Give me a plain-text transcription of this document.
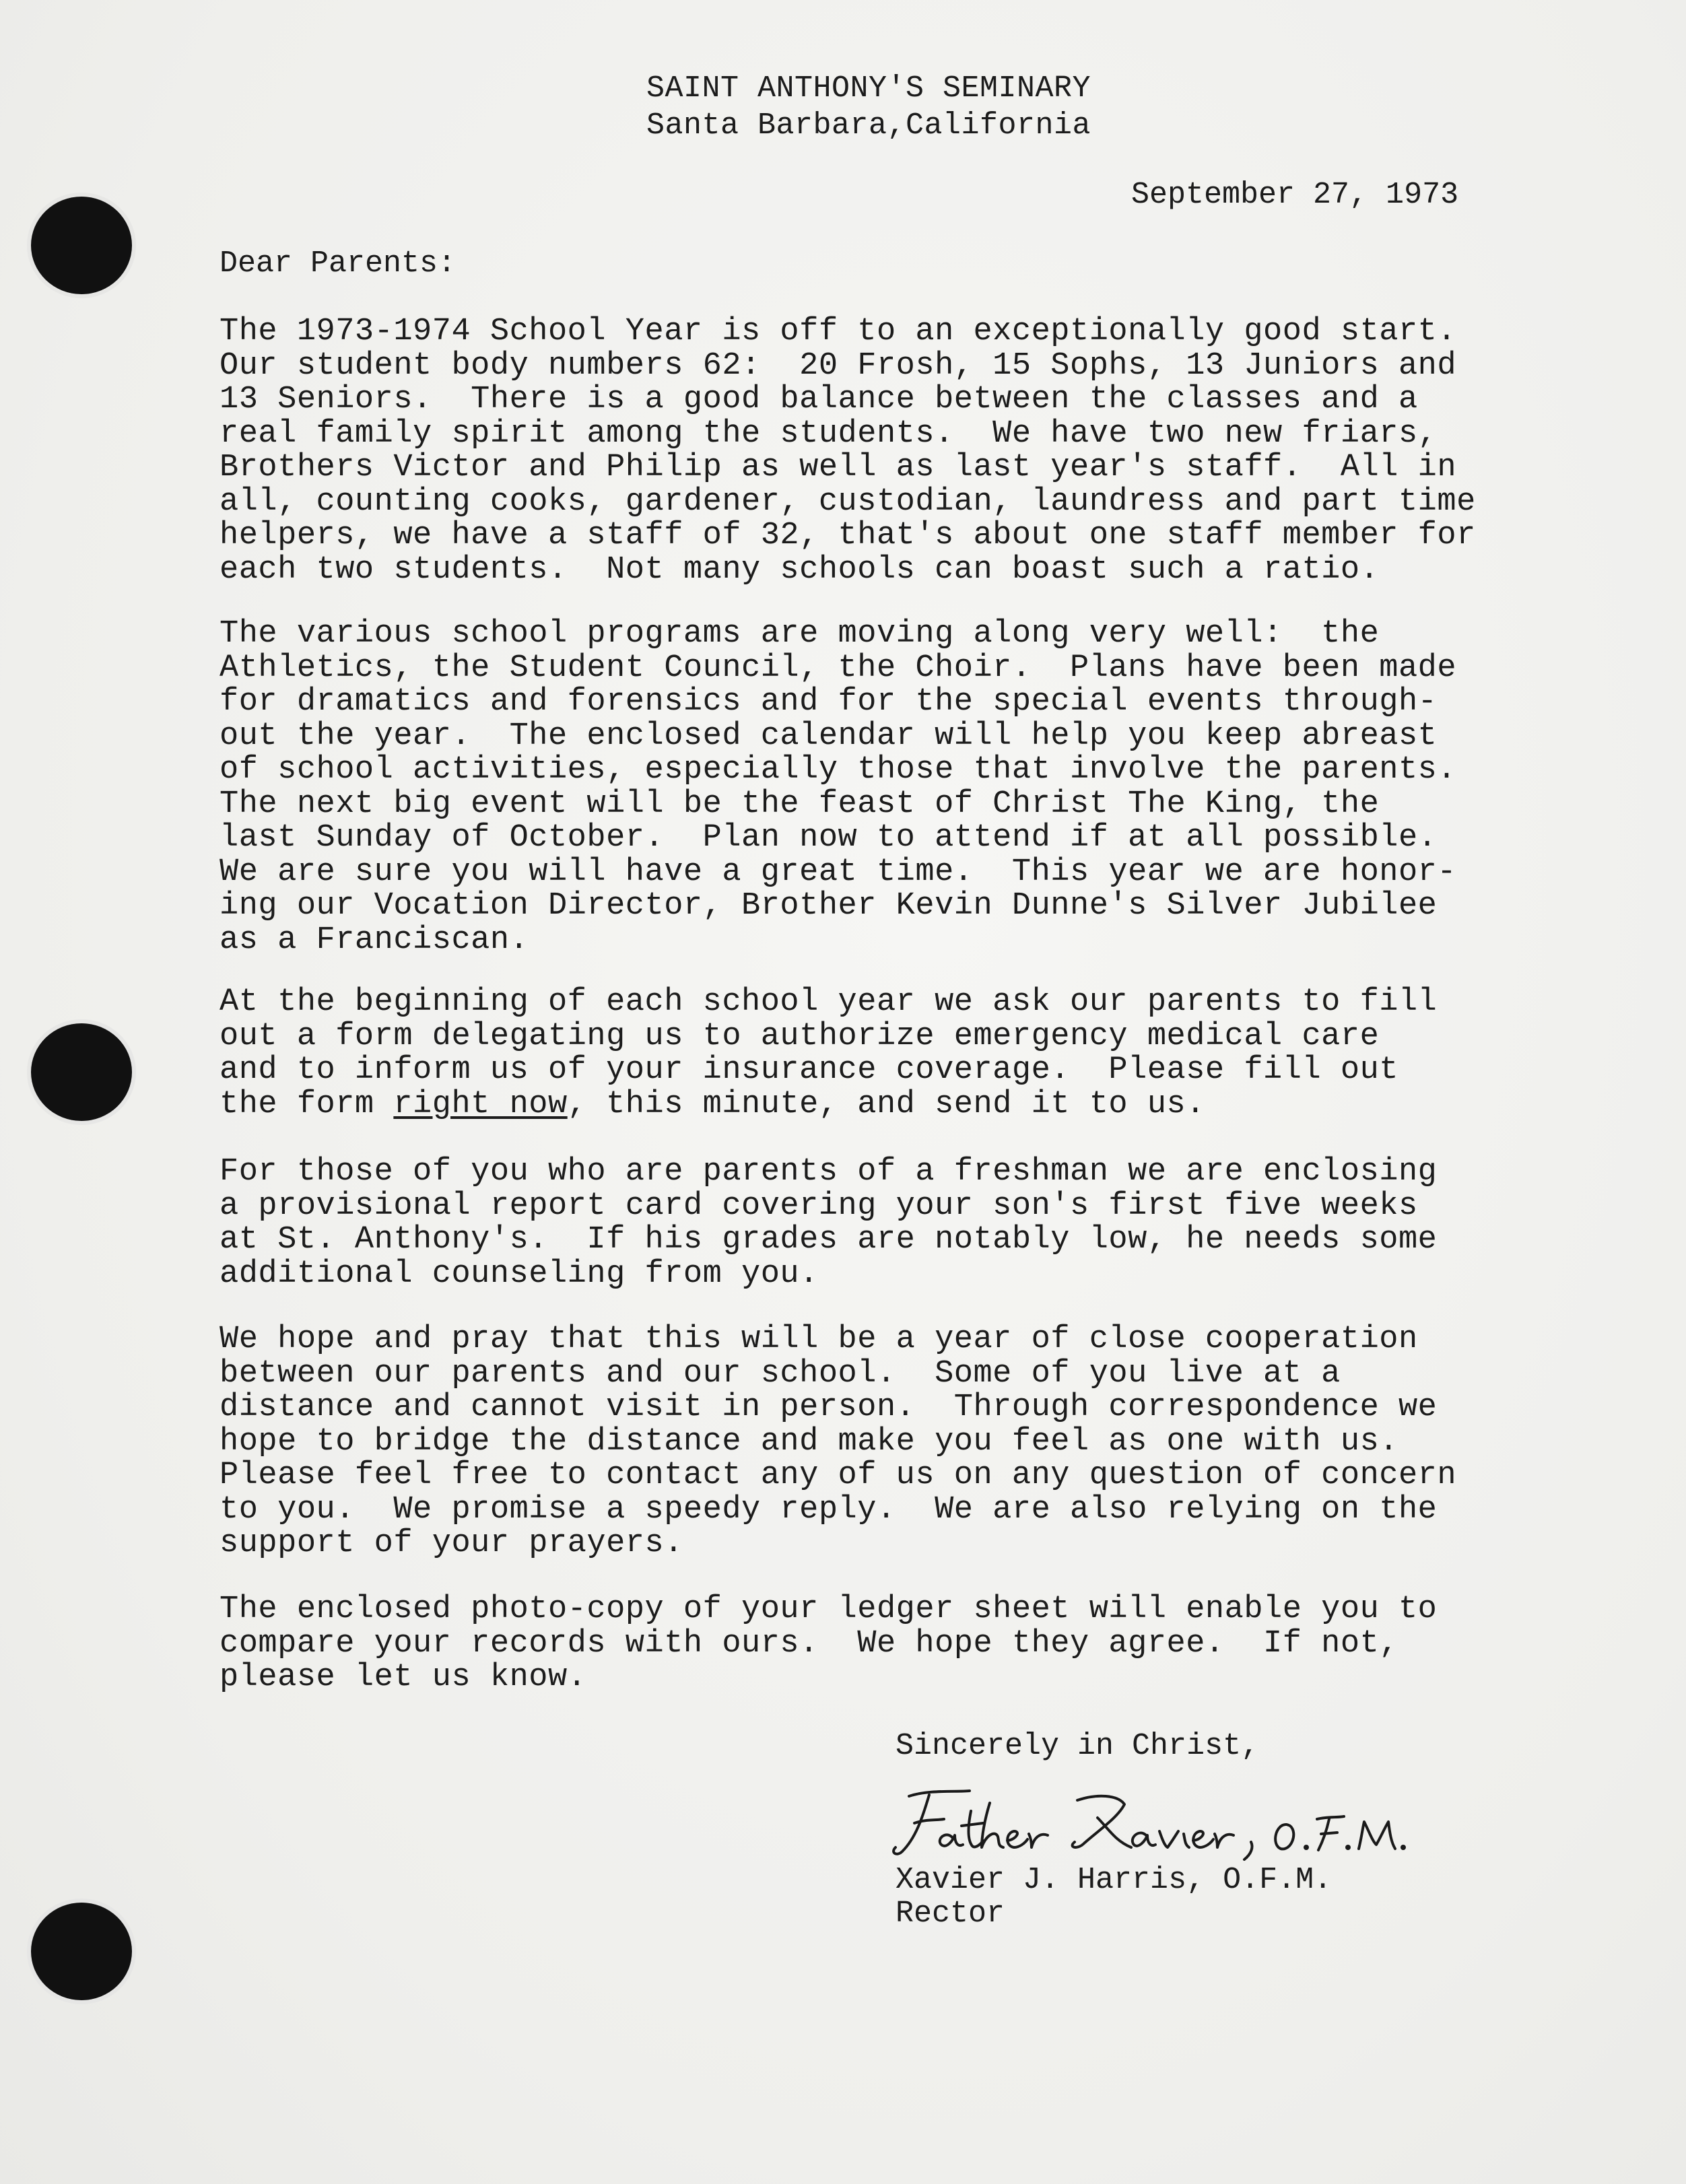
SAINT ANTHONY'S SEMINARY
Santa Barbara,California
September 27, 1973
Dear Parents:

The 1973-1974 School Year is off to an exceptionally good start.
Our student body numbers 62:  20 Frosh, 15 Sophs, 13 Juniors and
13 Seniors.  There is a good balance between the classes and a
real family spirit among the students.  We have two new friars,
Brothers Victor and Philip as well as last year's staff.  All in
all, counting cooks, gardener, custodian, laundress and part time
helpers, we have a staff of 32, that's about one staff member for
each two students.  Not many schools can boast such a ratio.

The various school programs are moving along very well:  the
Athletics, the Student Council, the Choir.  Plans have been made
for dramatics and forensics and for the special events through-
out the year.  The enclosed calendar will help you keep abreast
of school activities, especially those that involve the parents.
The next big event will be the feast of Christ The King, the
last Sunday of October.  Plan now to attend if at all possible.
We are sure you will have a great time.  This year we are honor-
ing our Vocation Director, Brother Kevin Dunne's Silver Jubilee
as a Franciscan.

At the beginning of each school year we ask our parents to fill
out a form delegating us to authorize emergency medical care
and to inform us of your insurance coverage.  Please fill out
the form right now, this minute, and send it to us.

For those of you who are parents of a freshman we are enclosing
a provisional report card covering your son's first five weeks
at St. Anthony's.  If his grades are notably low, he needs some
additional counseling from you.

We hope and pray that this will be a year of close cooperation
between our parents and our school.  Some of you live at a
distance and cannot visit in person.  Through correspondence we
hope to bridge the distance and make you feel as one with us.
Please feel free to contact any of us on any question of concern
to you.  We promise a speedy reply.  We are also relying on the
support of your prayers.

The enclosed photo-copy of your ledger sheet will enable you to
compare your records with ours.  We hope they agree.  If not,
please let us know.

Sincerely in Christ,

Xavier J. Harris, O.F.M.
Rector
